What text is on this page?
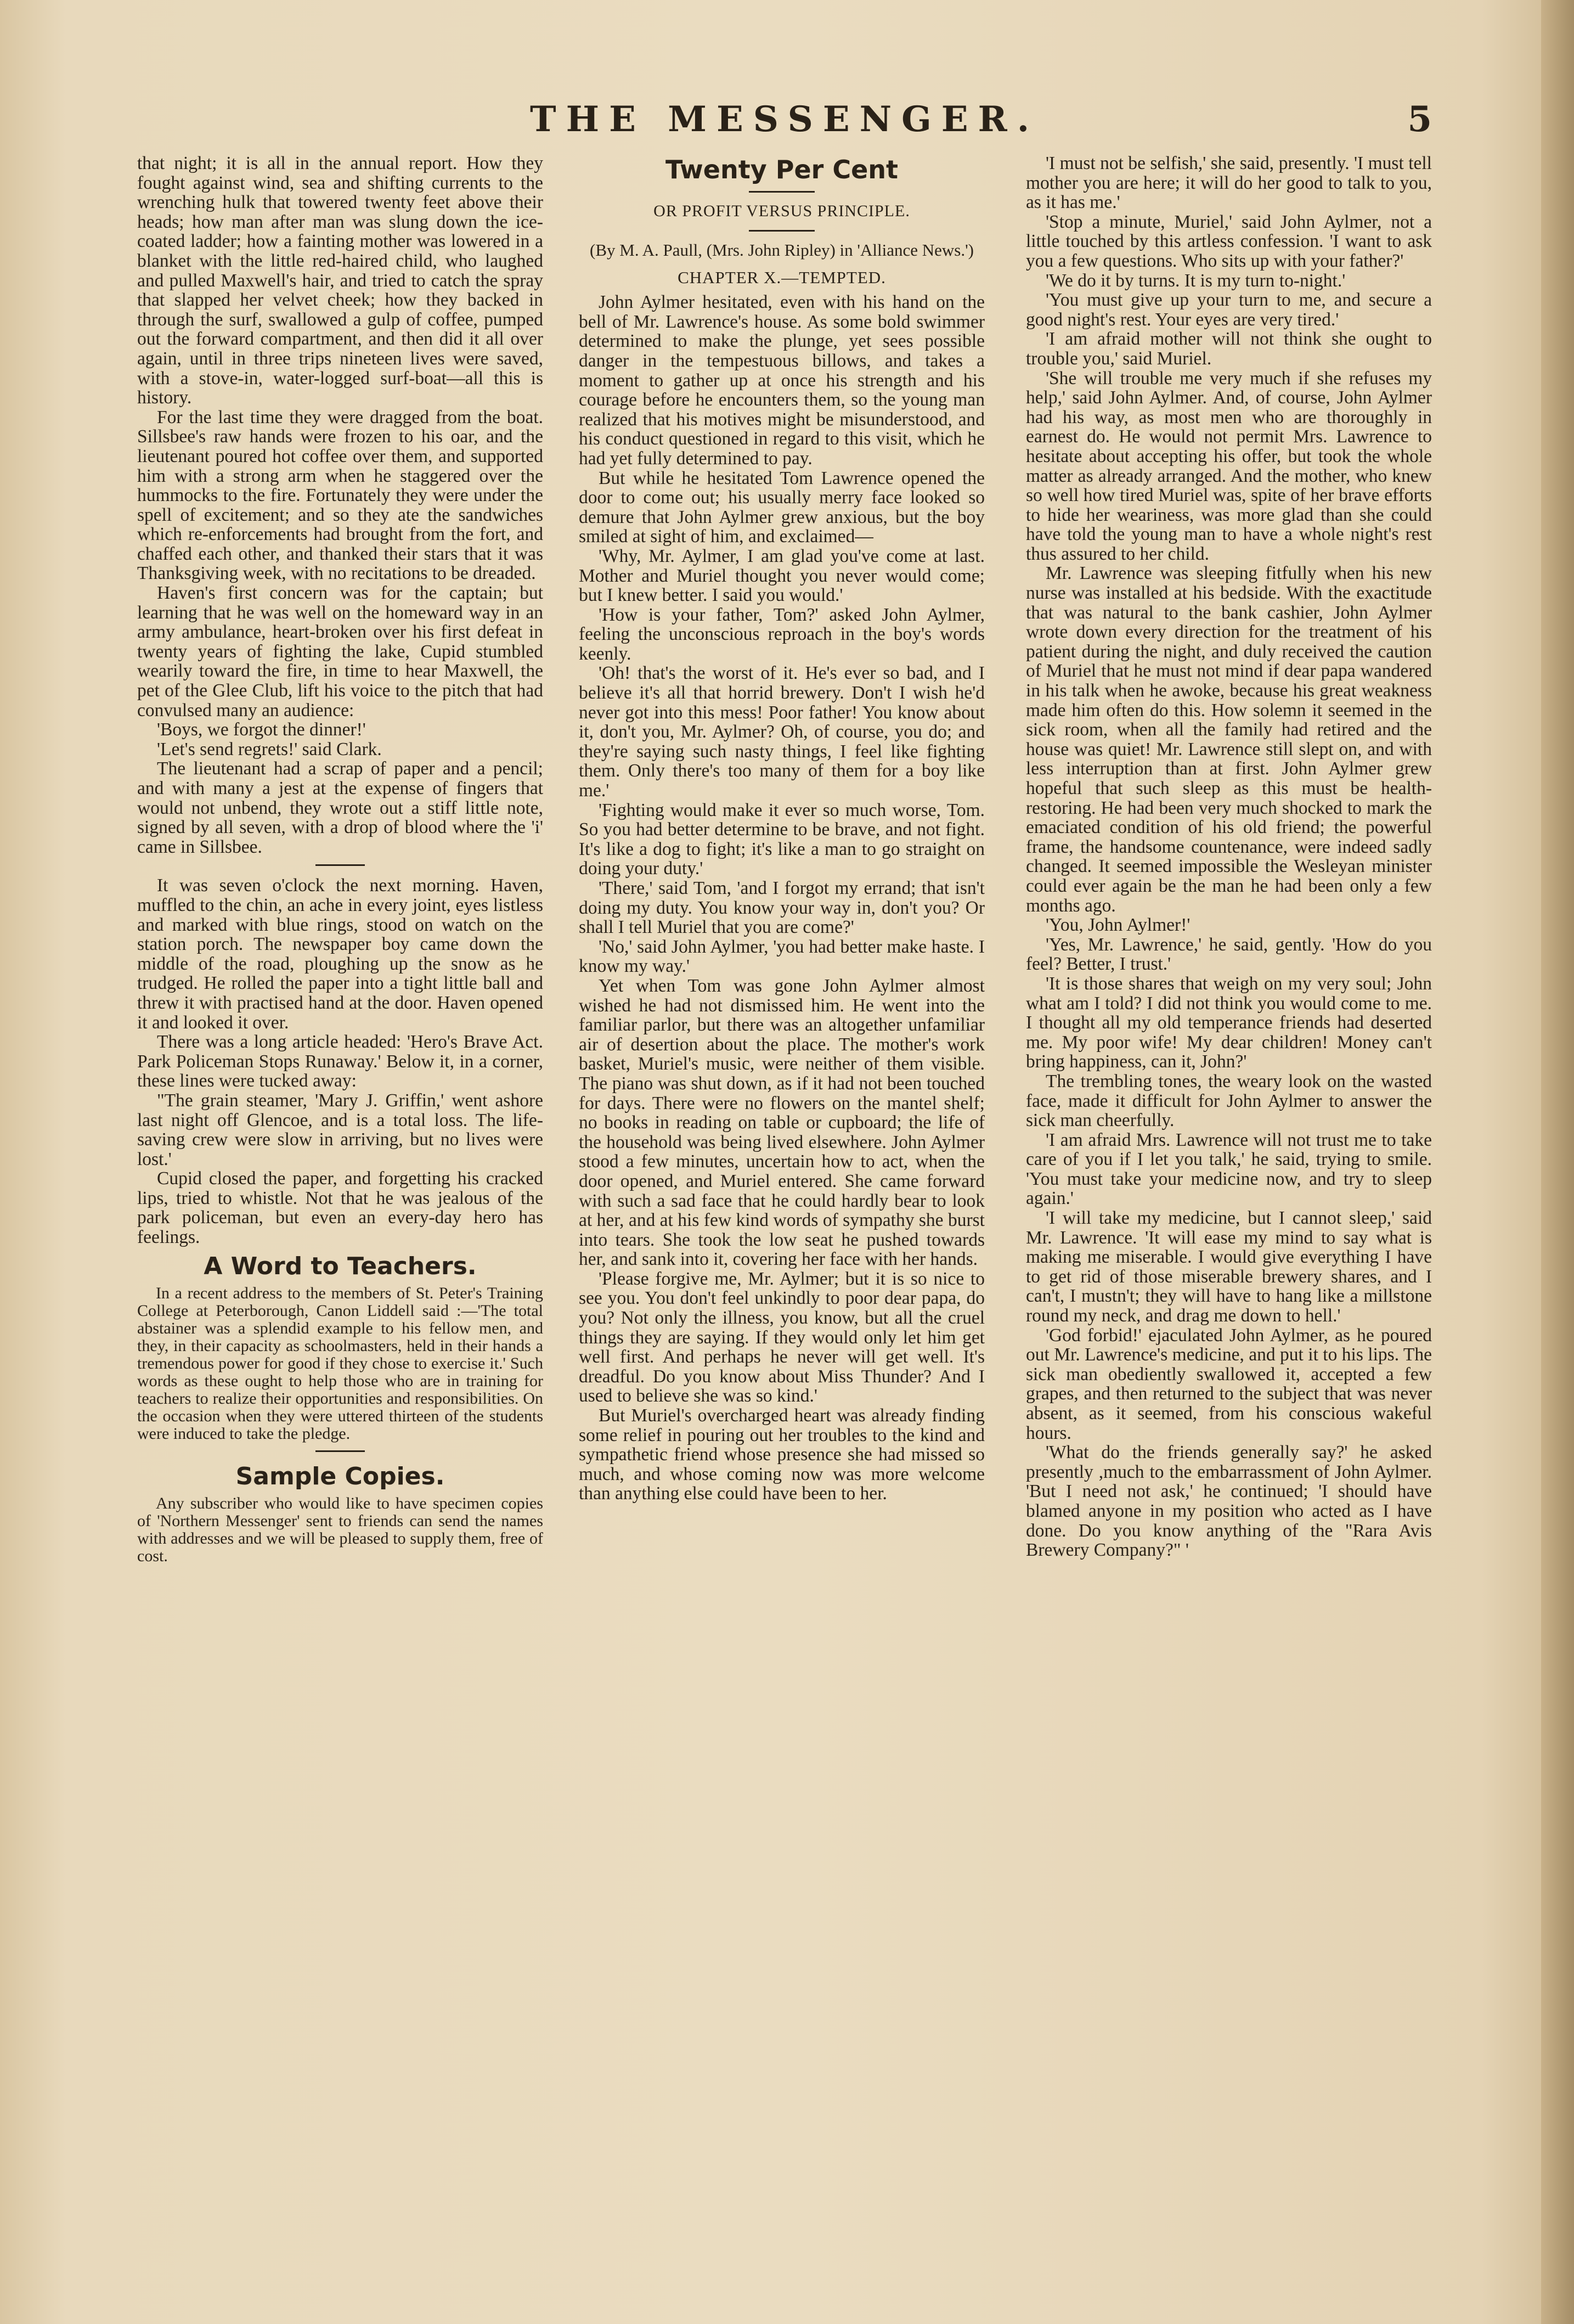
THE MESSENGER.	5

that night; it is all in the annual report. How they fought against wind, sea and shifting currents to the wrenching hulk that towered twenty feet above their heads; how man after man was slung down the ice-coated ladder; how a fainting mother was lowered in a blanket with the little red-haired child, who laughed and pulled Maxwell's hair, and tried to catch the spray that slapped her velvet cheek; how they backed in through the surf, swallowed a gulp of coffee, pumped out the forward compartment, and then did it all over again, until in three trips nineteen lives were saved, with a stove-in, water-logged surf-boat—all this is history.

For the last time they were dragged from the boat. Sillsbee's raw hands were frozen to his oar, and the lieutenant poured hot coffee over them, and supported him with a strong arm when he staggered over the hummocks to the fire. Fortunately they were under the spell of excitement; and so they ate the sandwiches which re-enforcements had brought from the fort, and chaffed each other, and thanked their stars that it was Thanksgiving week, with no recitations to be dreaded.

Haven's first concern was for the captain; but learning that he was well on the homeward way in an army ambulance, heart-broken over his first defeat in twenty years of fighting the lake, Cupid stumbled wearily toward the fire, in time to hear Maxwell, the pet of the Glee Club, lift his voice to the pitch that had convulsed many an audience:

'Boys, we forgot the dinner!'

'Let's send regrets!' said Clark.

The lieutenant had a scrap of paper and a pencil; and with many a jest at the expense of fingers that would not unbend, they wrote out a stiff little note, signed by all seven, with a drop of blood where the 'i' came in Sillsbee.

It was seven o'clock the next morning. Haven, muffled to the chin, an ache in every joint, eyes listless and marked with blue rings, stood on watch on the station porch. The newspaper boy came down the middle of the road, ploughing up the snow as he trudged. He rolled the paper into a tight little ball and threw it with practised hand at the door. Haven opened it and looked it over.

There was a long article headed: 'Hero's Brave Act. Park Policeman Stops Runaway.' Below it, in a corner, these lines were tucked away:

"The grain steamer, 'Mary J. Griffin,' went ashore last night off Glencoe, and is a total loss. The life-saving crew were slow in arriving, but no lives were lost.'

Cupid closed the paper, and forgetting his cracked lips, tried to whistle. Not that he was jealous of the park policeman, but even an every-day hero has feelings.

A Word to Teachers.

In a recent address to the members of St. Peter's Training College at Peterborough, Canon Liddell said :—'The total abstainer was a splendid example to his fellow men, and they, in their capacity as schoolmasters, held in their hands a tremendous power for good if they chose to exercise it.' Such words as these ought to help those who are in training for teachers to realize their opportunities and responsibilities. On the occasion when they were uttered thirteen of the students were induced to take the pledge.

Sample Copies.

Any subscriber who would like to have specimen copies of 'Northern Messenger' sent to friends can send the names with addresses and we will be pleased to supply them, free of cost.

Twenty Per Cent
OR PROFIT VERSUS PRINCIPLE.
(By M. A. Paull, (Mrs. John Ripley) in 'Alliance News.')
CHAPTER X.—TEMPTED.

John Aylmer hesitated, even with his hand on the bell of Mr. Lawrence's house. As some bold swimmer determined to make the plunge, yet sees possible danger in the tempestuous billows, and takes a moment to gather up at once his strength and his courage before he encounters them, so the young man realized that his motives might be misunderstood, and his conduct questioned in regard to this visit, which he had yet fully determined to pay.

But while he hesitated Tom Lawrence opened the door to come out; his usually merry face looked so demure that John Aylmer grew anxious, but the boy smiled at sight of him, and exclaimed—

'Why, Mr. Aylmer, I am glad you've come at last. Mother and Muriel thought you never would come; but I knew better. I said you would.'

'How is your father, Tom?' asked John Aylmer, feeling the unconscious reproach in the boy's words keenly.

'Oh! that's the worst of it. He's ever so bad, and I believe it's all that horrid brewery. Don't I wish he'd never got into this mess! Poor father! You know about it, don't you, Mr. Aylmer? Oh, of course, you do; and they're saying such nasty things, I feel like fighting them. Only there's too many of them for a boy like me.'

'Fighting would make it ever so much worse, Tom. So you had better determine to be brave, and not fight. It's like a dog to fight; it's like a man to go straight on doing your duty.'

'There,' said Tom, 'and I forgot my errand; that isn't doing my duty. You know your way in, don't you? Or shall I tell Muriel that you are come?'

'No,' said John Aylmer, 'you had better make haste. I know my way.'

Yet when Tom was gone John Aylmer almost wished he had not dismissed him. He went into the familiar parlor, but there was an altogether unfamiliar air of desertion about the place. The mother's work basket, Muriel's music, were neither of them visible. The piano was shut down, as if it had not been touched for days. There were no flowers on the mantel shelf; no books in reading on table or cupboard; the life of the household was being lived elsewhere. John Aylmer stood a few minutes, uncertain how to act, when the door opened, and Muriel entered. She came forward with such a sad face that he could hardly bear to look at her, and at his few kind words of sympathy she burst into tears. She took the low seat he pushed towards her, and sank into it, covering her face with her hands.

'Please forgive me, Mr. Aylmer; but it is so nice to see you. You don't feel unkindly to poor dear papa, do you? Not only the illness, you know, but all the cruel things they are saying. If they would only let him get well first. And perhaps he never will get well. It's dreadful. Do you know about Miss Thunder? And I used to believe she was so kind.'

But Muriel's overcharged heart was already finding some relief in pouring out her troubles to the kind and sympathetic friend whose presence she had missed so much, and whose coming now was more welcome than anything else could have been to her.

'I must not be selfish,' she said, presently. 'I must tell mother you are here; it will do her good to talk to you, as it has me.'

'Stop a minute, Muriel,' said John Aylmer, not a little touched by this artless confession. 'I want to ask you a few questions. Who sits up with your father?'

'We do it by turns. It is my turn to-night.'

'You must give up your turn to me, and secure a good night's rest. Your eyes are very tired.'

'I am afraid mother will not think she ought to trouble you,' said Muriel.

'She will trouble me very much if she refuses my help,' said John Aylmer. And, of course, John Aylmer had his way, as most men who are thoroughly in earnest do. He would not permit Mrs. Lawrence to hesitate about accepting his offer, but took the whole matter as already arranged. And the mother, who knew so well how tired Muriel was, spite of her brave efforts to hide her weariness, was more glad than she could have told the young man to have a whole night's rest thus assured to her child.

Mr. Lawrence was sleeping fitfully when his new nurse was installed at his bedside. With the exactitude that was natural to the bank cashier, John Aylmer wrote down every direction for the treatment of his patient during the night, and duly received the caution of Muriel that he must not mind if dear papa wandered in his talk when he awoke, because his great weakness made him often do this. How solemn it seemed in the sick room, when all the family had retired and the house was quiet! Mr. Lawrence still slept on, and with less interruption than at first. John Aylmer grew hopeful that such sleep as this must be health-restoring. He had been very much shocked to mark the emaciated condition of his old friend; the powerful frame, the handsome countenance, were indeed sadly changed. It seemed impossible the Wesleyan minister could ever again be the man he had been only a few months ago.

'You, John Aylmer!'

'Yes, Mr. Lawrence,' he said, gently. 'How do you feel? Better, I trust.'

'It is those shares that weigh on my very soul; John what am I told? I did not think you would come to me. I thought all my old temperance friends had deserted me. My poor wife! My dear children! Money can't bring happiness, can it, John?'

The trembling tones, the weary look on the wasted face, made it difficult for John Aylmer to answer the sick man cheerfully.

'I am afraid Mrs. Lawrence will not trust me to take care of you if I let you talk,' he said, trying to smile. 'You must take your medicine now, and try to sleep again.'

'I will take my medicine, but I cannot sleep,' said Mr. Lawrence. 'It will ease my mind to say what is making me miserable. I would give everything I have to get rid of those miserable brewery shares, and I can't, I mustn't; they will have to hang like a millstone round my neck, and drag me down to hell.'

'God forbid!' ejaculated John Aylmer, as he poured out Mr. Lawrence's medicine, and put it to his lips. The sick man obediently swallowed it, accepted a few grapes, and then returned to the subject that was never absent, as it seemed, from his conscious wakeful hours.

'What do the friends generally say?' he asked presently ,much to the embarrassment of John Aylmer. 'But I need not ask,' he continued; 'I should have blamed anyone in my position who acted as I have done. Do you know anything of the "Rara Avis Brewery Company?" '
